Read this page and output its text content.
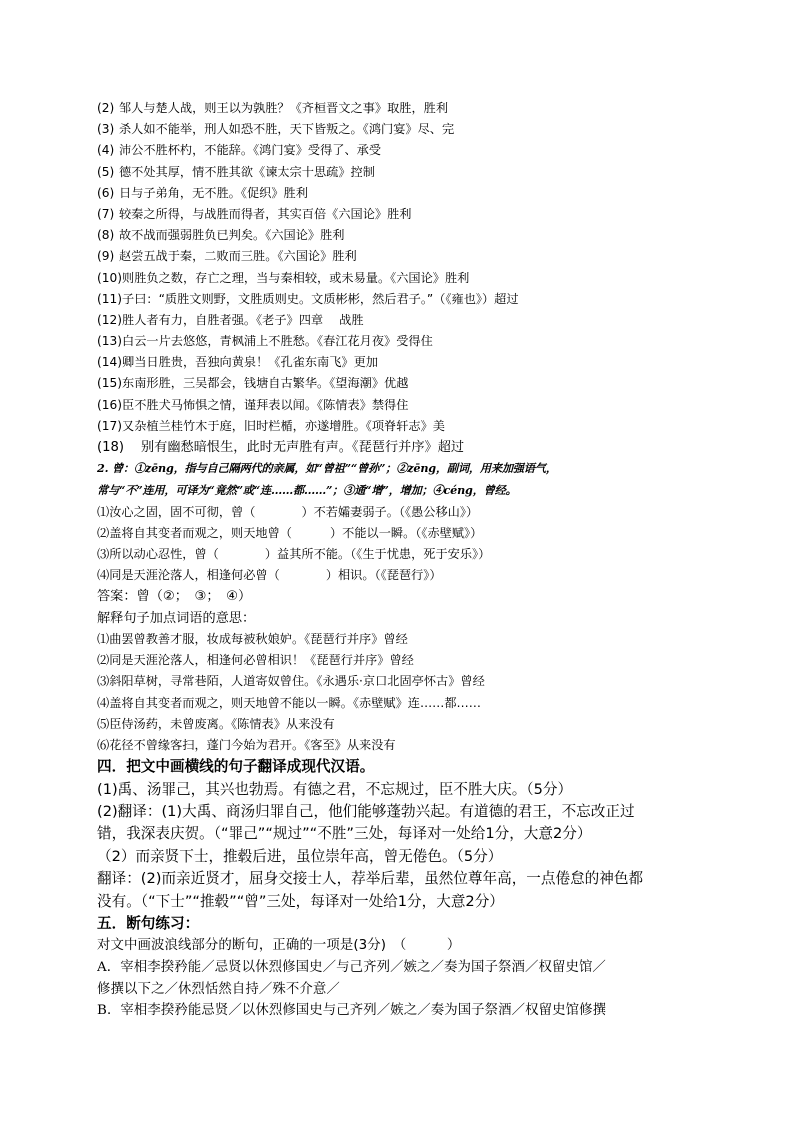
(2) 邹人与楚人战，则王以为孰胜？《齐桓晋文之事》取胜，胜利
(3) 杀人如不能举，刑人如恐不胜，天下皆叛之。《鸿门宴》尽、完
(4) 沛公不胜杯杓，不能辞。《鸿门宴》受得了、承受
(5) 德不处其厚，情不胜其欲《谏太宗十思疏》控制
(6) 日与子弟角，无不胜。《促织》胜利
(7) 较秦之所得，与战胜而得者，其实百倍《六国论》胜利
(8) 故不战而强弱胜负已判矣。《六国论》胜利
(9) 赵尝五战于秦，二败而三胜。《六国论》胜利
(10)则胜负之数，存亡之理，当与秦相较，或未易量。《六国论》胜利
(11)子曰：“质胜文则野，文胜质则史。文质彬彬，然后君子。”（《雍也》）超过
(12)胜人者有力，自胜者强。《老子》四章　 战胜
(13)白云一片去悠悠，青枫浦上不胜愁。《春江花月夜》受得住
(14)卿当日胜贵，吾独向黄泉！《孔雀东南飞》更加
(15)东南形胜，三吴都会，钱塘自古繁华。《望海潮》优越
(16)臣不胜犬马怖惧之情，谨拜表以闻。《陈情表》禁得住
(17)又杂植兰桂竹木于庭，旧时栏楯，亦遂增胜。《项脊轩志》美
(18) 别有幽愁暗恨生，此时无声胜有声。《琵琶行并序》超过
2. 曾：①zēng，指与自己隔两代的亲属，如“曾祖”“曾孙”；②zēng，副词，用来加强语气，
常与“不”连用，可译为“竟然”或“连……都……”；③通“增”，增加；④céng，曾经。
⑴汝心之固，固不可彻，曾（	）不若孀妻弱子。（《愚公移山》）
⑵盖将自其变者而观之，则天地曾（	）不能以一瞬。（《赤壁赋》）
⑶所以动心忍性，曾（	）益其所不能。（《生于忧患，死于安乐》）
⑷同是天涯沦落人，相逢何必曾（	）相识。（《琵琶行》）
答案：曾（②；　③；　④）
解释句子加点词语的意思：
⑴曲罢曾教善才服，妆成每被秋娘妒。《琵琶行并序》曾经
⑵同是天涯沦落人，相逢何必曾相识！《琵琶行并序》曾经
⑶斜阳草树，寻常巷陌，人道寄奴曾住。《永遇乐·京口北固亭怀古》曾经
⑷盖将自其变者而观之，则天地曾不能以一瞬。《赤壁赋》连……都……
⑸臣侍汤药，未曾废离。《陈情表》从来没有
⑹花径不曾缘客扫，蓬门今始为君开。《客至》从来没有
四．把文中画横线的句子翻译成现代汉语。
(1)禹、汤罪己，其兴也勃焉。有德之君，不忘规过，臣不胜大庆。（5分）
(2)翻译：(1)大禹、商汤归罪自己，他们能够蓬勃兴起。有道德的君王，不忘改正过
错，我深表庆贺。（“罪己”“规过”“不胜”三处，每译对一处给1分，大意2分）
（2）而亲贤下士，推毂后进，虽位崇年高，曾无倦色。（5分）
翻译：(2)而亲近贤才，屈身交接士人，荐举后辈，虽然位尊年高，一点倦怠的神色都
没有。（“下士”“推毂”“曾”三处，每译对一处给1分，大意2分）
五．断句练习：
对文中画波浪线部分的断句，正确的一项是(3分)　（　　　）
A．宰相李揆矜能／忌贤以休烈修国史／与己齐列／嫉之／奏为国子祭酒／权留史馆／
修撰以下之／休烈恬然自持／殊不介意／
B．宰相李揆矜能忌贤／以休烈修国史与己齐列／嫉之／奏为国子祭酒／权留史馆修撰
